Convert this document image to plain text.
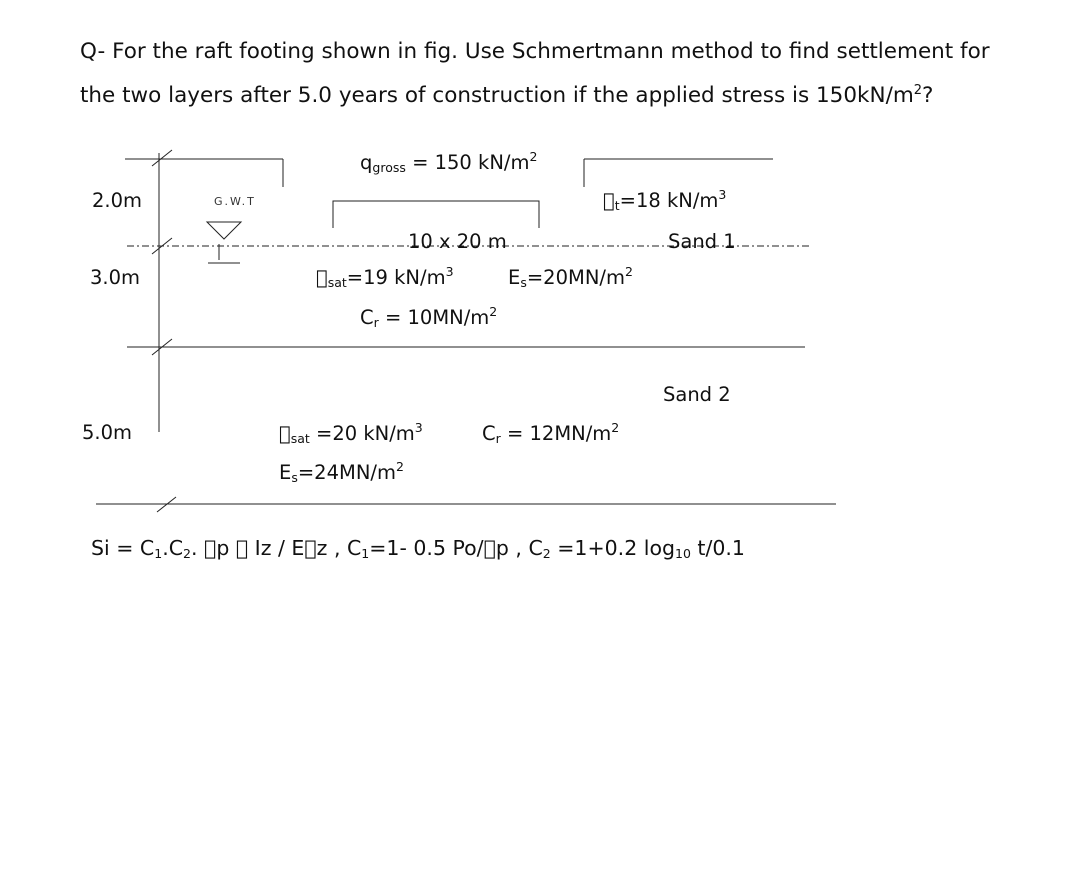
Q- For the raft footing shown in fig. Use Schmertmann method to find settlement for
the two layers after 5.0 years of construction if the applied stress is $150kN/m^2$?
2.0m
3.0m
5.0m
G.W.T
$q_{gross} = 150$ $kN/m^2$
$ _t=18$ $kN/m^3$
10 x 20 m	Sand 1
$ _{sat}=19$ $kN/m^3$	$E_s=20MN/m^2$
$C_r = 10MN/m^2$
Sand 2
$ _{sat} =20$ $kN/m^3$	$C_r = 12MN/m^2$
$E_s=24MN/m^2$
$Si = C_1.C_2$.  p   Iz / E z , $C_1=1-$ 0.5 Po/ p , $C_2 =1+0.2$ $\log_{10} t/0.1$
